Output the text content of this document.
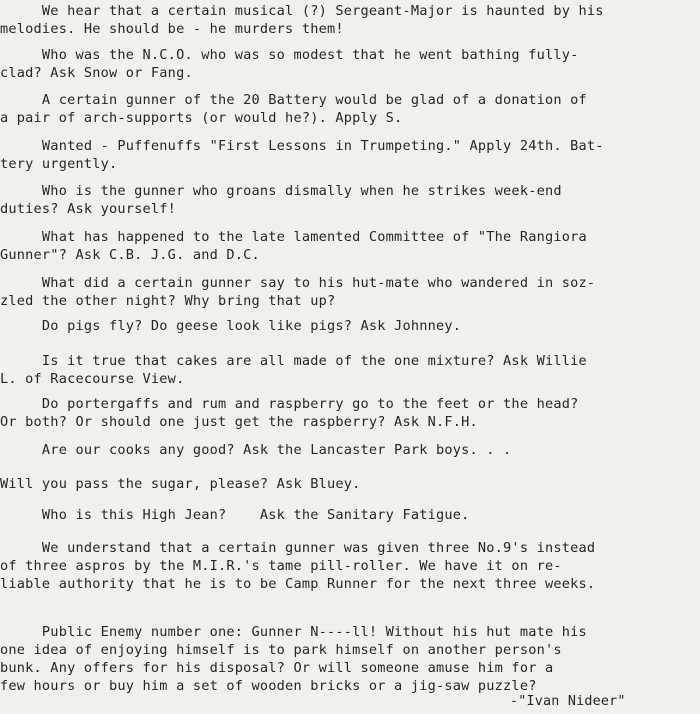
We hear that a certain musical (?) Sergeant-Major is haunted by his
melodies. He should be - he murders them!
Who was the N.C.O. who was so modest that he went bathing fully-
clad? Ask Snow or Fang.
A certain gunner of the 20 Battery would be glad of a donation of
a pair of arch-supports (or would he?). Apply S.
Wanted - Puffenuffs "First Lessons in Trumpeting." Apply 24th. Bat-
tery urgently.
Who is the gunner who groans dismally when he strikes week-end
duties? Ask yourself!
What has happened to the late lamented Committee of "The Rangiora
Gunner"? Ask C.B. J.G. and D.C.
What did a certain gunner say to his hut-mate who wandered in soz-
zled the other night? Why bring that up?
Do pigs fly? Do geese look like pigs? Ask Johnney.
Is it true that cakes are all made of the one mixture? Ask Willie
L. of Racecourse View.
Do portergaffs and rum and raspberry go to the feet or the head?
Or both? Or should one just get the raspberry? Ask N.F.H.
Are our cooks any good? Ask the Lancaster Park boys. . .
Will you pass the sugar, please? Ask Bluey.
Who is this High Jean?    Ask the Sanitary Fatigue.
We understand that a certain gunner was given three No.9's instead
of three aspros by the M.I.R.'s tame pill-roller. We have it on re-
liable authority that he is to be Camp Runner for the next three weeks.
Public Enemy number one: Gunner N----ll! Without his hut mate his
one idea of enjoying himself is to park himself on another person's
bunk. Any offers for his disposal? Or will someone amuse him for a
few hours or buy him a set of wooden bricks or a jig-saw puzzle?
-"Ivan Nideer"
